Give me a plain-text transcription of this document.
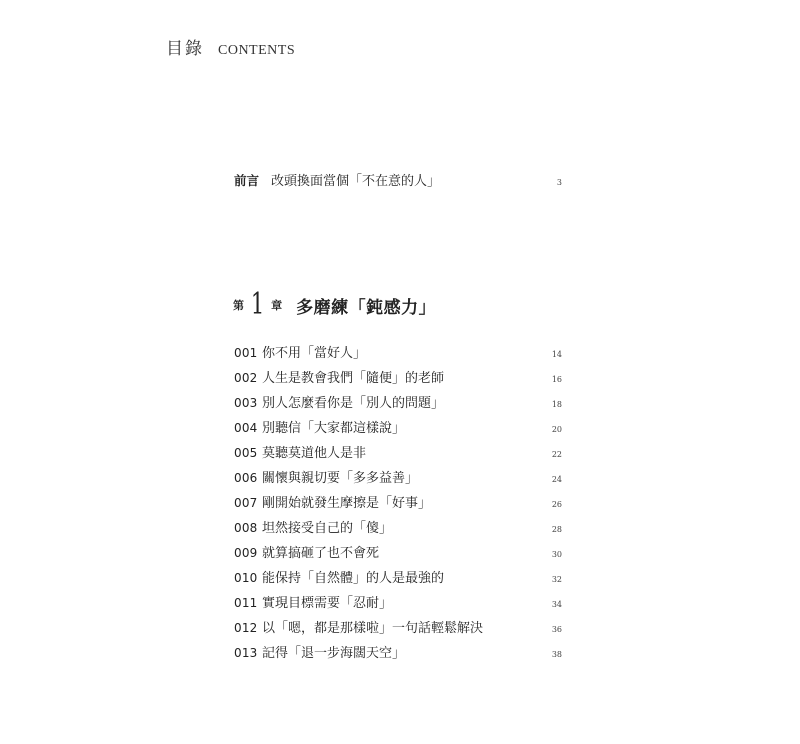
目錄 CONTENTS
前言 改頭換面當個「不在意的人」	3
第 1 章 多磨練「鈍感力」
001 你不用「當好人」	14
002 人生是教會我們「隨便」的老師	16
003 別人怎麼看你是「別人的問題」	18
004 別聽信「大家都這樣說」	20
005 莫聽莫道他人是非	22
006 關懷與親切要「多多益善」	24
007 剛開始就發生摩擦是「好事」	26
008 坦然接受自己的「傻」	28
009 就算搞砸了也不會死	30
010 能保持「自然體」的人是最強的	32
011 實現目標需要「忍耐」	34
012 以「嗯，都是那樣啦」一句話輕鬆解決	36
013 記得「退一步海闊天空」	38
